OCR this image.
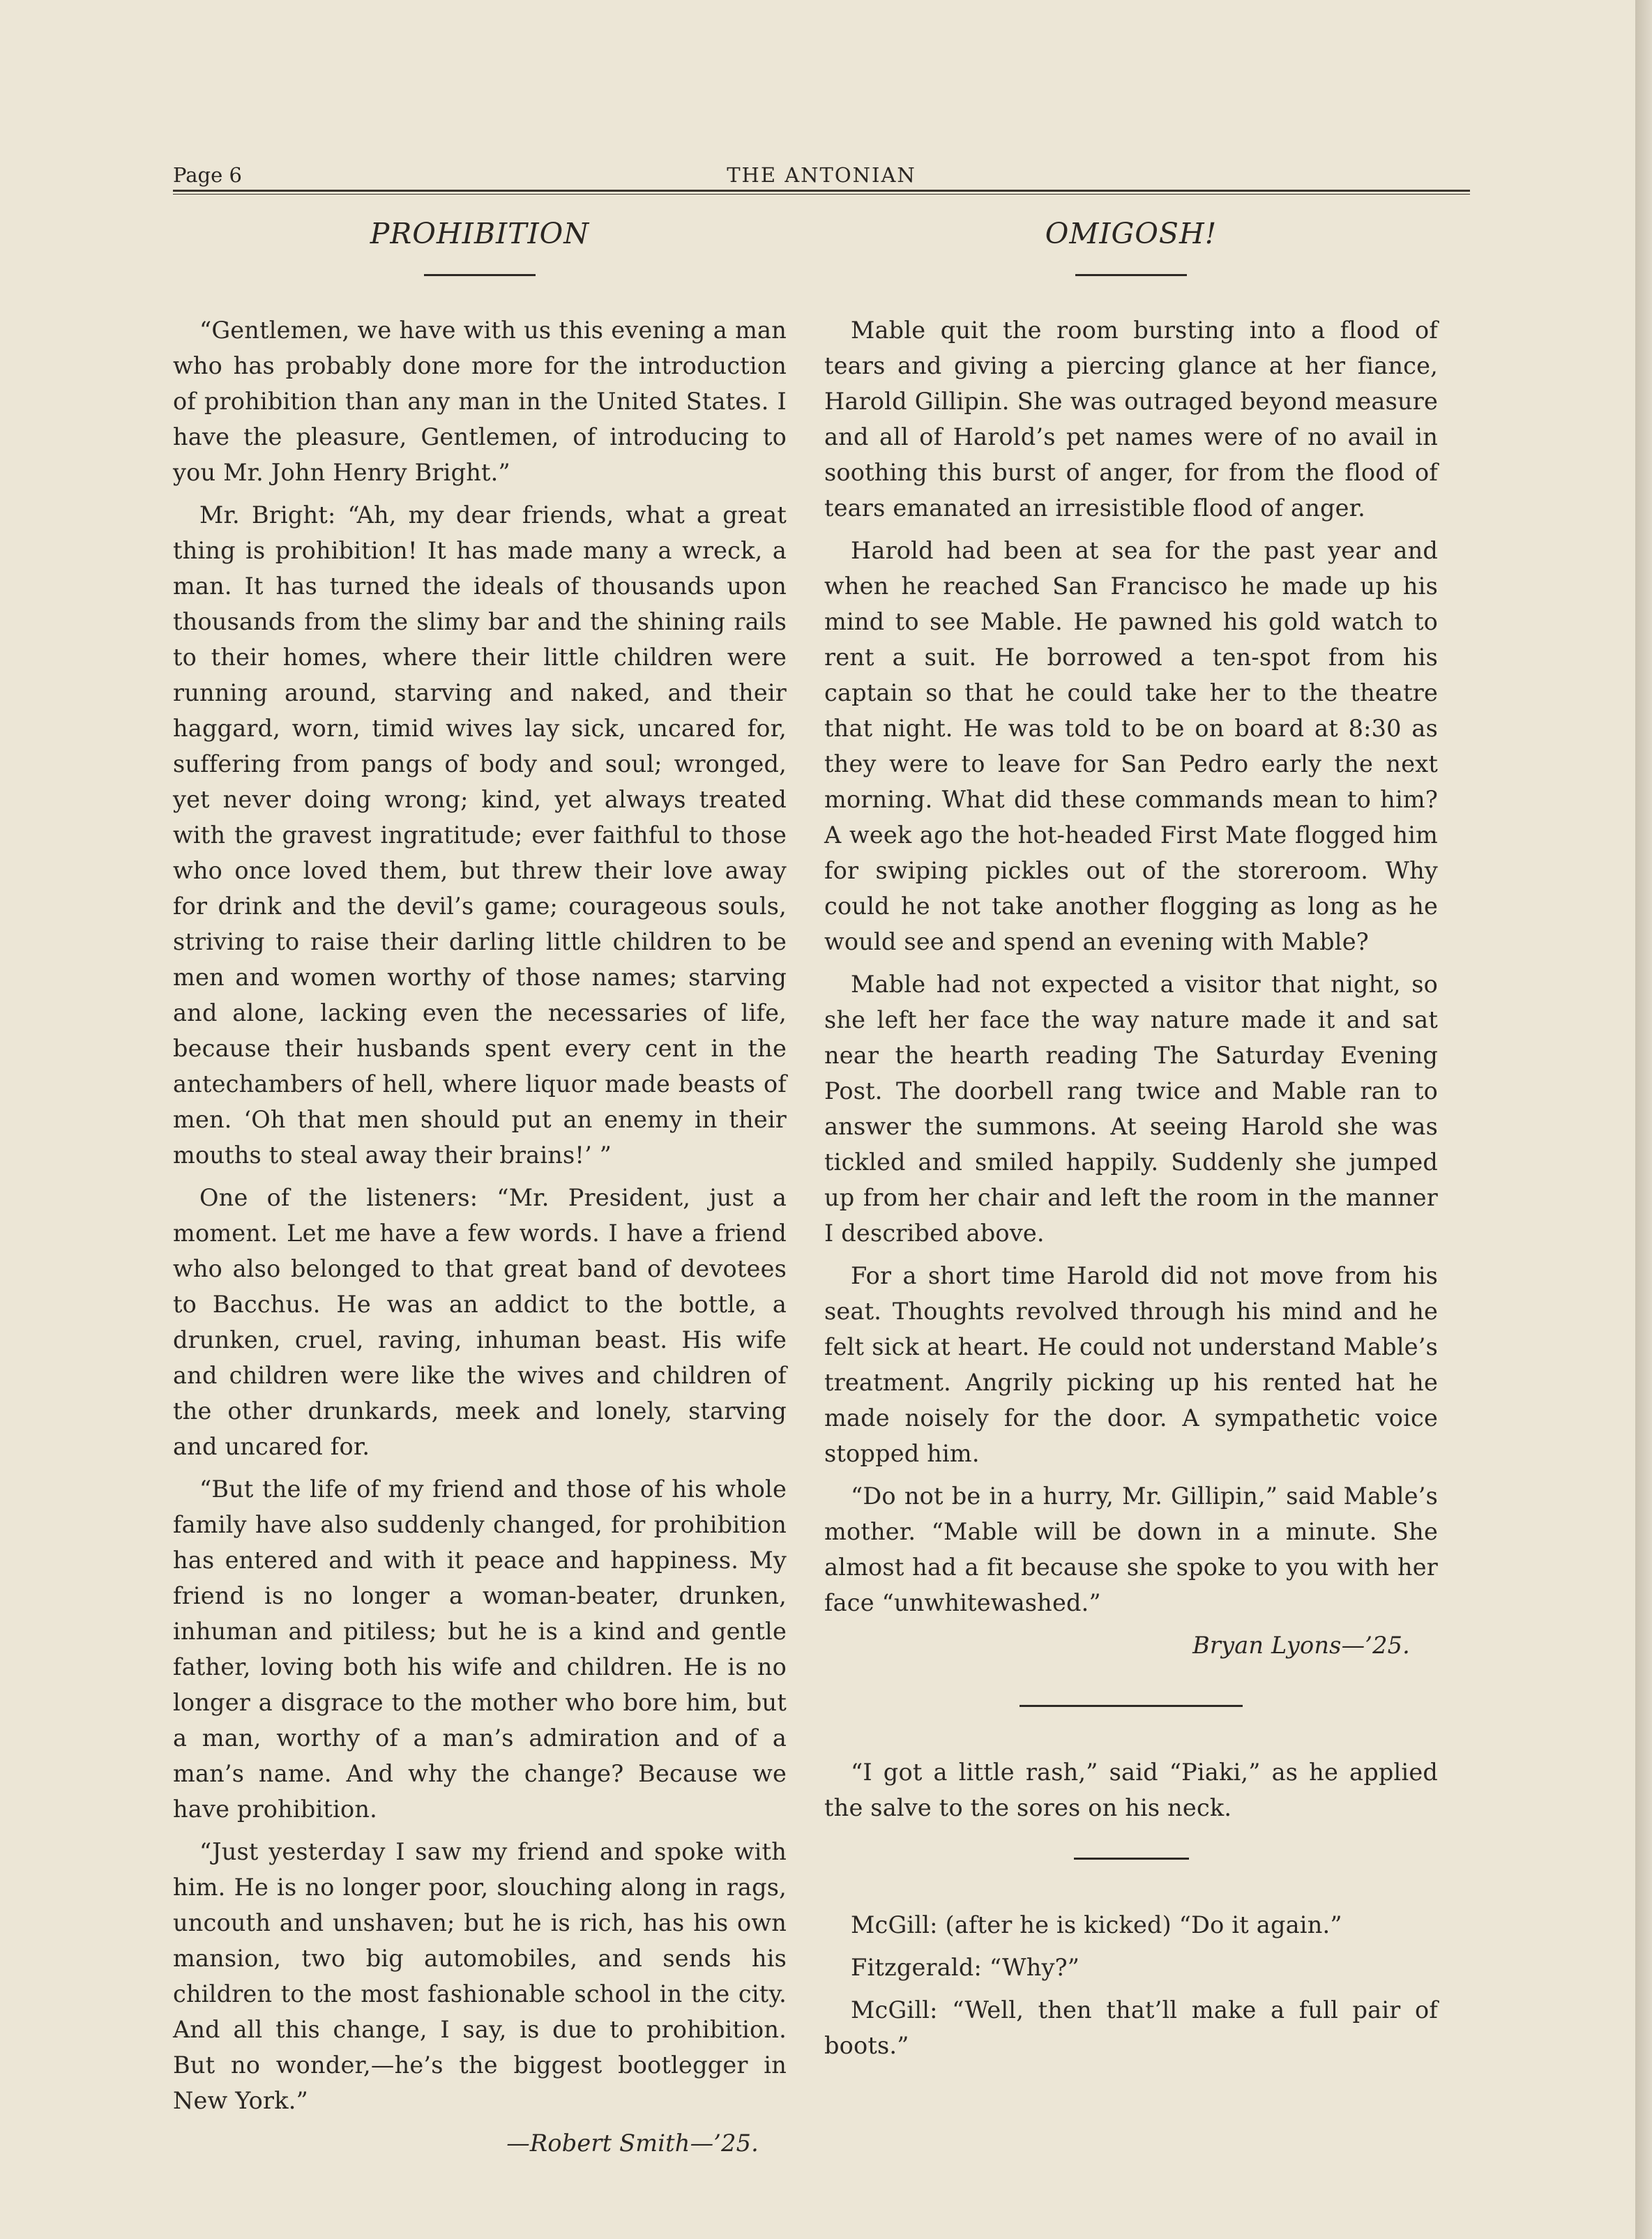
Page 6	THE ANTONIAN
PROHIBITION

“Gentlemen, we have with us this evening a man who has probably done more for the introduction of prohibition than any man in the United States. I have the pleasure, Gentlemen, of introducing to you Mr. John Henry Bright.”

Mr. Bright: “Ah, my dear friends, what a great thing is prohibition! It has made many a wreck, a man. It has turned the ideals of thousands upon thousands from the slimy bar and the shining rails to their homes, where their little children were running around, starving and naked, and their haggard, worn, timid wives lay sick, uncared for, suffering from pangs of body and soul; wronged, yet never doing wrong; kind, yet always treated with the gravest ingratitude; ever faithful to those who once loved them, but threw their love away for drink and the devil’s game; courageous souls, striving to raise their darling little children to be men and women worthy of those names; starving and alone, lacking even the necessaries of life, because their husbands spent every cent in the antechambers of hell, where liquor made beasts of men. ‘Oh that men should put an enemy in their mouths to steal away their brains!’ ”

One of the listeners: “Mr. President, just a moment. Let me have a few words. I have a friend who also belonged to that great band of devotees to Bacchus. He was an addict to the bottle, a drunken, cruel, raving, inhuman beast. His wife and children were like the wives and children of the other drunkards, meek and lonely, starving and uncared for.

“But the life of my friend and those of his whole family have also suddenly changed, for prohibition has entered and with it peace and happiness. My friend is no longer a woman-beater, drunken, inhuman and pitiless; but he is a kind and gentle father, loving both his wife and children. He is no longer a disgrace to the mother who bore him, but a man, worthy of a man’s admiration and of a man’s name. And why the change? Because we have prohibition.

“Just yesterday I saw my friend and spoke with him. He is no longer poor, slouching along in rags, uncouth and unshaven; but he is rich, has his own mansion, two big automobiles, and sends his children to the most fashionable school in the city. And all this change, I say, is due to prohibition. But no wonder,—he’s the biggest bootlegger in New York.”

—Robert Smith—’25.
OMIGOSH!

Mable quit the room bursting into a flood of tears and giving a piercing glance at her fiance, Harold Gillipin. She was outraged beyond measure and all of Harold’s pet names were of no avail in soothing this burst of anger, for from the flood of tears emanated an irresistible flood of anger.

Harold had been at sea for the past year and when he reached San Francisco he made up his mind to see Mable. He pawned his gold watch to rent a suit. He borrowed a ten-spot from his captain so that he could take her to the theatre that night. He was told to be on board at 8:30 as they were to leave for San Pedro early the next morning. What did these commands mean to him? A week ago the hot-headed First Mate flogged him for swiping pickles out of the storeroom. Why could he not take another flogging as long as he would see and spend an evening with Mable?

Mable had not expected a visitor that night, so she left her face the way nature made it and sat near the hearth reading The Saturday Evening Post. The doorbell rang twice and Mable ran to answer the summons. At seeing Harold she was tickled and smiled happily. Suddenly she jumped up from her chair and left the room in the manner I described above.

For a short time Harold did not move from his seat. Thoughts revolved through his mind and he felt sick at heart. He could not understand Mable’s treatment. Angrily picking up his rented hat he made noisely for the door. A sympathetic voice stopped him.

“Do not be in a hurry, Mr. Gillipin,” said Mable’s mother. “Mable will be down in a minute. She almost had a fit because she spoke to you with her face “unwhitewashed.”

Bryan Lyons—’25.

“I got a little rash,” said “Piaki,” as he applied the salve to the sores on his neck.

McGill: (after he is kicked) “Do it again.”

Fitzgerald: “Why?”

McGill: “Well, then that’ll make a full pair of boots.”
